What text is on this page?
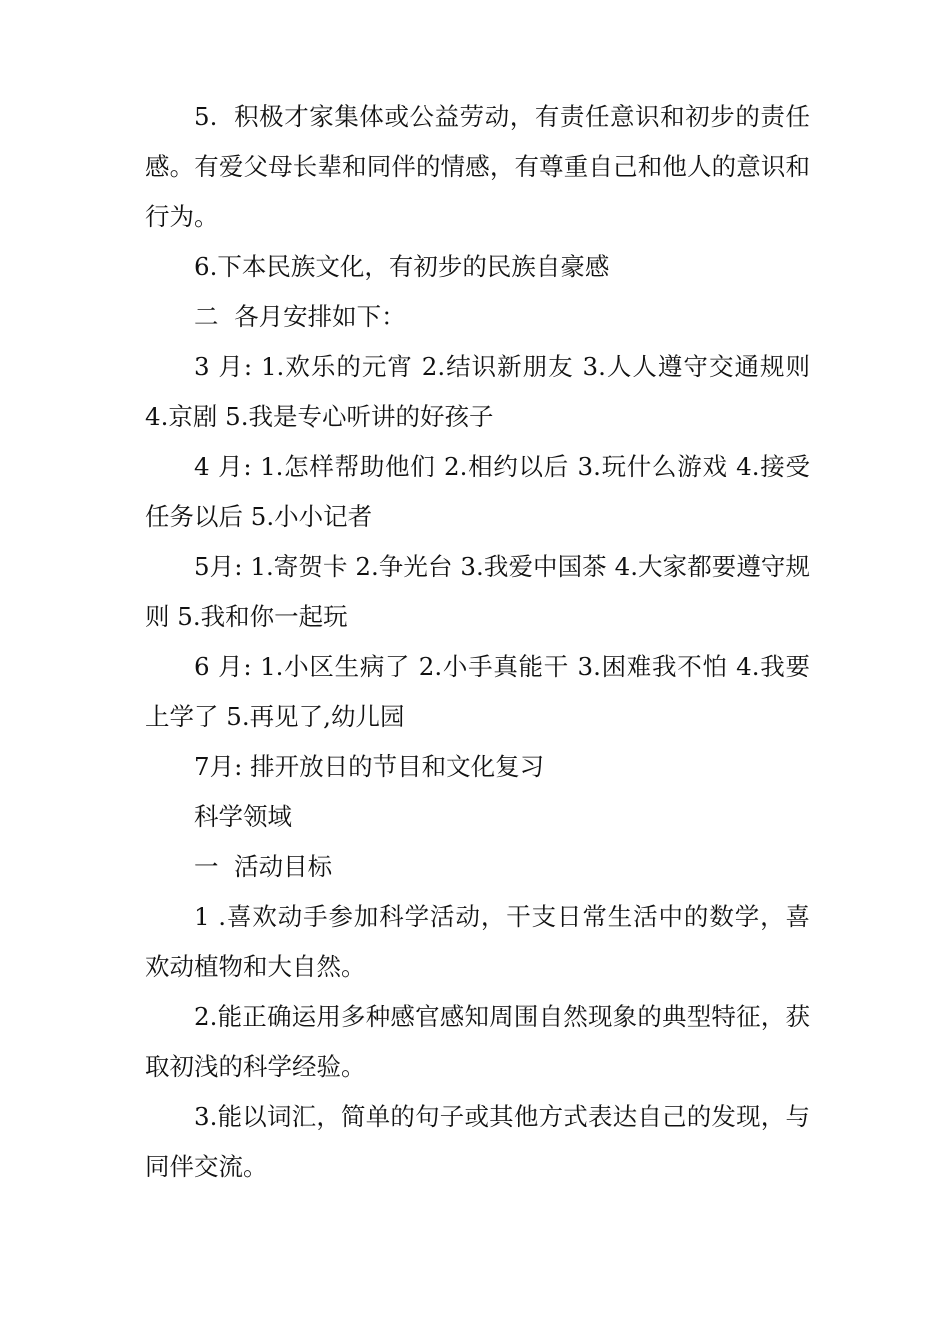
5.  积极才家集体或公益劳动，有责任意识和初步的责任感。有爱父母长辈和同伴的情感，有尊重自己和他人的意识和行为。

6.下本民族文化，有初步的民族自豪感

二  各月安排如下：

3 月: 1.欢乐的元宵 2.结识新朋友 3.人人遵守交通规则 4.京剧 5.我是专心听讲的好孩子

4 月: 1.怎样帮助他们 2.相约以后 3.玩什么游戏 4.接受任务以后 5.小小记者

5月: 1.寄贺卡 2.争光台 3.我爱中国茶 4.大家都要遵守规则 5.我和你一起玩

6 月: 1.小区生病了 2.小手真能干 3.困难我不怕 4.我要上学了 5.再见了,幼儿园

7月: 排开放日的节目和文化复习

科学领域

一  活动目标

1 .喜欢动手参加科学活动，干支日常生活中的数学，喜欢动植物和大自然。

2.能正确运用多种感官感知周围自然现象的典型特征，获取初浅的科学经验。

3.能以词汇，简单的句子或其他方式表达自己的发现，与同伴交流。
